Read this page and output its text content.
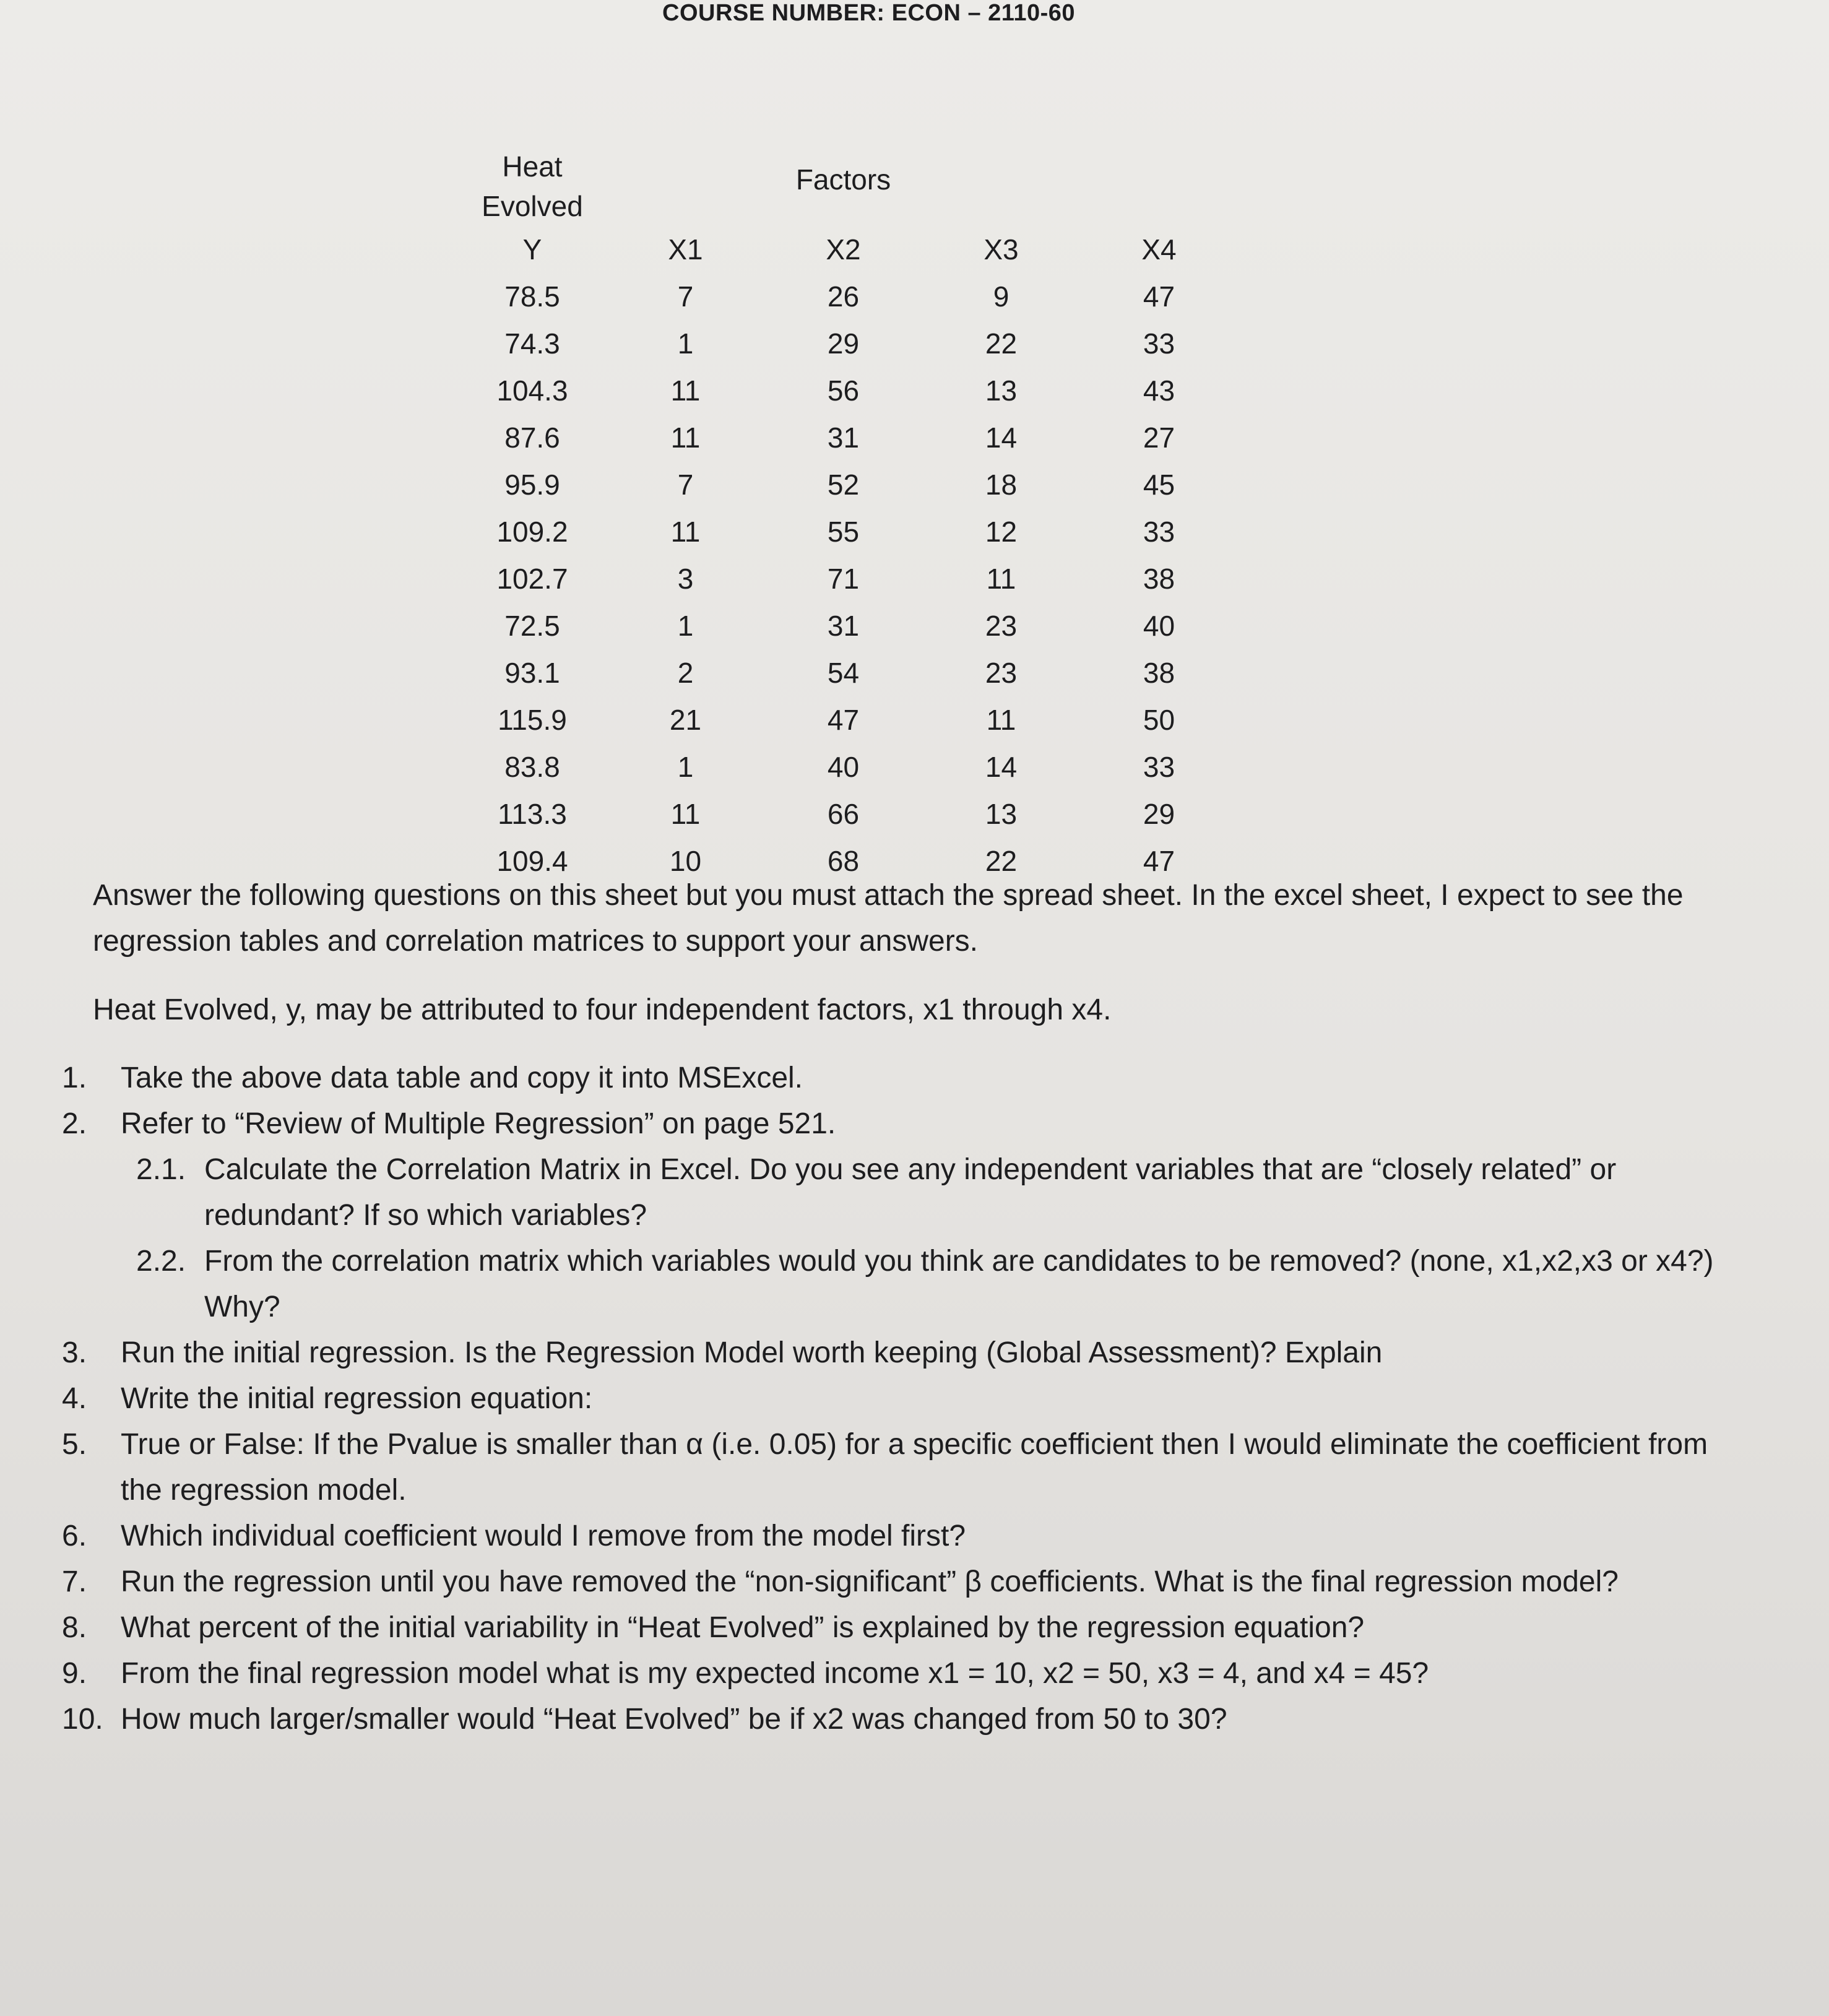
COURSE NUMBER: ECON – 2110-60
Heat
Evolved		Factors		
Y	X1	X2	X3	X4
78.5	7	26	9	47
74.3	1	29	22	33
104.3	11	56	13	43
87.6	11	31	14	27
95.9	7	52	18	45
109.2	11	55	12	33
102.7	3	71	11	38
72.5	1	31	23	40
93.1	2	54	23	38
115.9	21	47	11	50
83.8	1	40	14	33
113.3	11	66	13	29
109.4	10	68	22	47
Answer the following questions on this sheet but you must attach the spread sheet. In the excel sheet, I expect to see the regression tables and correlation matrices to support your answers.
Heat Evolved, y, may be attributed to four independent factors, x1 through x4.
1.	Take the above data table and copy it into MSExcel.
2.	Refer to “Review of Multiple Regression” on page 521.
2.1. Calculate the Correlation Matrix in Excel. Do you see any independent variables that are “closely related” or redundant? If so which variables?
2.2. From the correlation matrix which variables would you think are candidates to be removed? (none, x1,x2,x3 or x4?) Why?
3.	Run the initial regression. Is the Regression Model worth keeping (Global Assessment)? Explain
4.	Write the initial regression equation:
5.	True or False: If the Pvalue is smaller than α (i.e. 0.05) for a specific coefficient then I would eliminate the coefficient from the regression model.
6.	Which individual coefficient would I remove from the model first?
7.	Run the regression until you have removed the “non-significant” β coefficients. What is the final regression model?
8.	What percent of the initial variability in “Heat Evolved” is explained by the regression equation?
9.	From the final regression model what is my expected income x1 = 10, x2 = 50, x3 = 4, and x4 = 45?
10. How much larger/smaller would “Heat Evolved” be if x2 was changed from 50 to 30?
